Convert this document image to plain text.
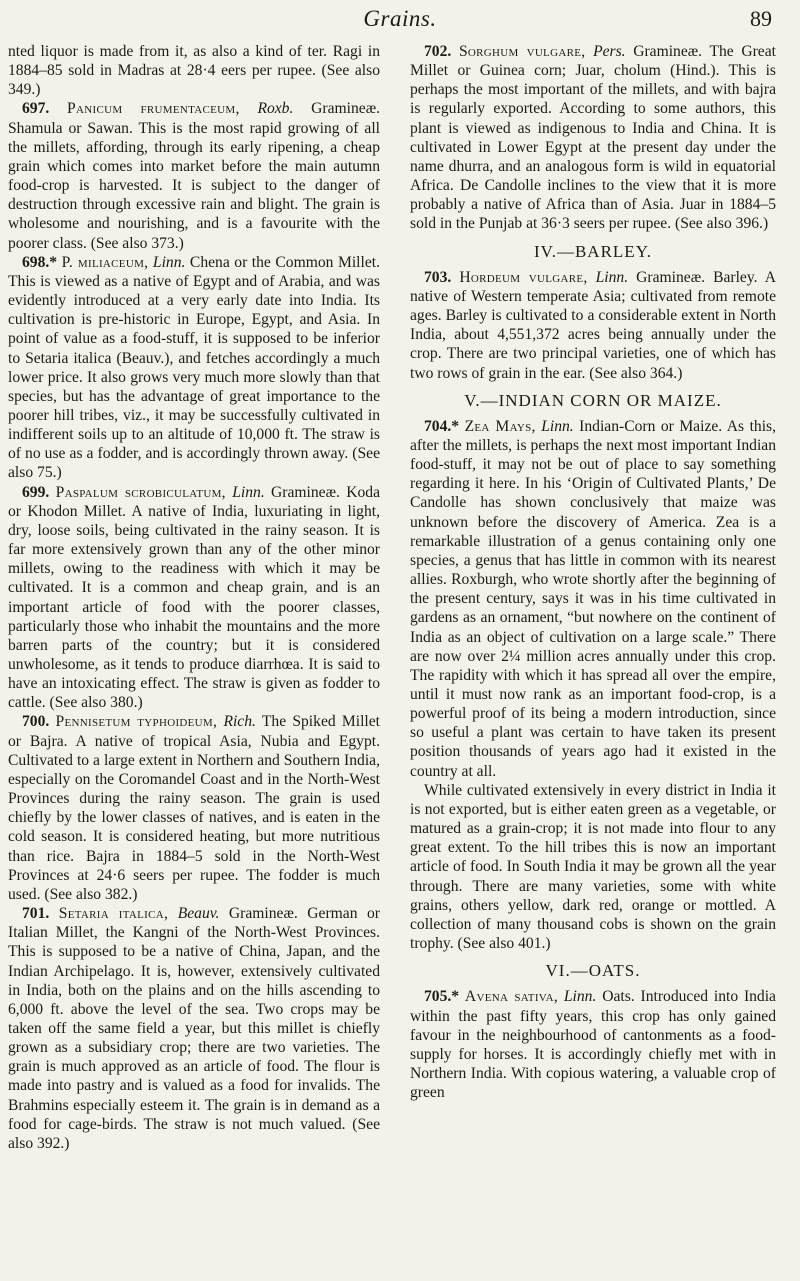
Grains.	89

nted liquor is made from it, as also a kind of ter. Ragi in 1884–85 sold in Madras at 28·4 eers per rupee. (See also 349.)

697. Panicum frumentaceum, Roxb. Gramineæ. Shamula or Sawan. This is the most rapid growing of all the millets, affording, through its early ripening, a cheap grain which comes into market before the main autumn food-crop is harvested. It is subject to the danger of destruction through excessive rain and blight. The grain is wholesome and nourishing, and is a favourite with the poorer class. (See also 373.)

698.* P. miliaceum, Linn. Chena or the Common Millet. This is viewed as a native of Egypt and of Arabia, and was evidently introduced at a very early date into India. Its cultivation is pre-historic in Europe, Egypt, and Asia. In point of value as a food-stuff, it is supposed to be inferior to Setaria italica (Beauv.), and fetches accordingly a much lower price. It also grows very much more slowly than that species, but has the advantage of great importance to the poorer hill tribes, viz., it may be successfully cultivated in indifferent soils up to an altitude of 10,000 ft. The straw is of no use as a fodder, and is accordingly thrown away. (See also 75.)

699. Paspalum scrobiculatum, Linn. Gramineæ. Koda or Khodon Millet. A native of India, luxuriating in light, dry, loose soils, being cultivated in the rainy season. It is far more extensively grown than any of the other minor millets, owing to the readiness with which it may be cultivated. It is a common and cheap grain, and is an important article of food with the poorer classes, particularly those who inhabit the mountains and the more barren parts of the country; but it is considered unwholesome, as it tends to produce diarrhœa. It is said to have an intoxicating effect. The straw is given as fodder to cattle. (See also 380.)

700. Pennisetum typhoideum, Rich. The Spiked Millet or Bajra. A native of tropical Asia, Nubia and Egypt. Cultivated to a large extent in Northern and Southern India, especially on the Coromandel Coast and in the North-West Provinces during the rainy season. The grain is used chiefly by the lower classes of natives, and is eaten in the cold season. It is considered heating, but more nutritious than rice. Bajra in 1884–5 sold in the North-West Provinces at 24·6 seers per rupee. The fodder is much used. (See also 382.)

701. Setaria italica, Beauv. Gramineæ. German or Italian Millet, the Kangni of the North-West Provinces. This is supposed to be a native of China, Japan, and the Indian Archipelago. It is, however, extensively cultivated in India, both on the plains and on the hills ascending to 6,000 ft. above the level of the sea. Two crops may be taken off the same field a year, but this millet is chiefly grown as a subsidiary crop; there are two varieties. The grain is much approved as an article of food. The flour is made into pastry and is valued as a food for invalids. The Brahmins especially esteem it. The grain is in demand as a food for cage-birds. The straw is not much valued. (See also 392.)

702. Sorghum vulgare, Pers. Gramineæ. The Great Millet or Guinea corn; Juar, cholum (Hind.). This is perhaps the most important of the millets, and with bajra is regularly exported. According to some authors, this plant is viewed as indigenous to India and China. It is cultivated in Lower Egypt at the present day under the name dhurra, and an analogous form is wild in equatorial Africa. De Candolle inclines to the view that it is more probably a native of Africa than of Asia. Juar in 1884–5 sold in the Punjab at 36·3 seers per rupee. (See also 396.)

IV.—BARLEY.

703. Hordeum vulgare, Linn. Gramineæ. Barley. A native of Western temperate Asia; cultivated from remote ages. Barley is cultivated to a considerable extent in North India, about 4,551,372 acres being annually under the crop. There are two principal varieties, one of which has two rows of grain in the ear. (See also 364.)

V.—INDIAN CORN OR MAIZE.

704.* Zea Mays, Linn. Indian-Corn or Maize. As this, after the millets, is perhaps the next most important Indian food-stuff, it may not be out of place to say something regarding it here. In his ‘Origin of Cultivated Plants,’ De Candolle has shown conclusively that maize was unknown before the discovery of America. Zea is a remarkable illustration of a genus containing only one species, a genus that has little in common with its nearest allies. Roxburgh, who wrote shortly after the beginning of the present century, says it was in his time cultivated in gardens as an ornament, “but nowhere on the continent of India as an object of cultivation on a large scale.” There are now over 2¼ million acres annually under this crop. The rapidity with which it has spread all over the empire, until it must now rank as an important food-crop, is a powerful proof of its being a modern introduction, since so useful a plant was certain to have taken its present position thousands of years ago had it existed in the country at all.

While cultivated extensively in every district in India it is not exported, but is either eaten green as a vegetable, or matured as a grain-crop; it is not made into flour to any great extent. To the hill tribes this is now an important article of food. In South India it may be grown all the year through. There are many varieties, some with white grains, others yellow, dark red, orange or mottled. A collection of many thousand cobs is shown on the grain trophy. (See also 401.)

VI.—OATS.

705.* Avena sativa, Linn. Oats. Introduced into India within the past fifty years, this crop has only gained favour in the neighbourhood of cantonments as a food-supply for horses. It is accordingly chiefly met with in Northern India. With copious watering, a valuable crop of green
